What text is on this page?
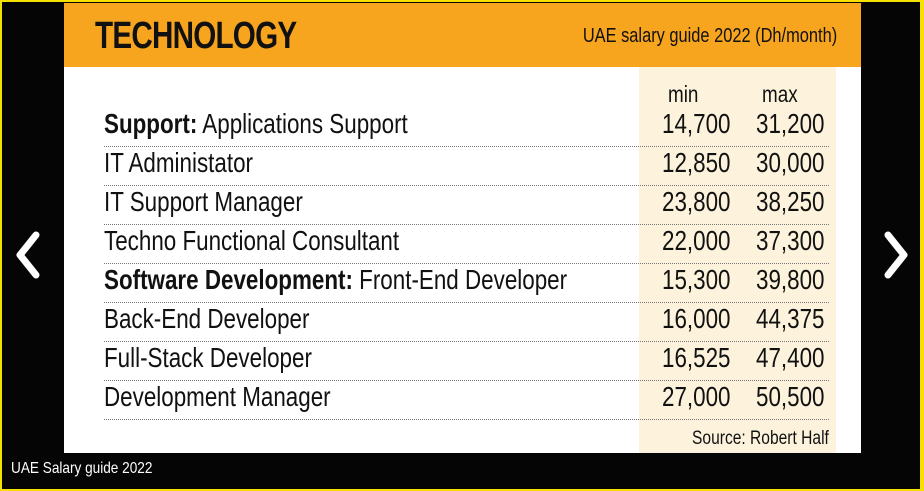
TECHNOLOGY	UAE salary guide 2022 (Dh/month)
min	max
Support: Applications Support	14,700 31,200
IT Administator	12,850 30,000
IT Support Manager	23,800 38,250
Techno Functional Consultant	22,000 37,300
Software Development: Front-End Developer	15,300 39,800
Back-End Developer	16,000 44,375
Full-Stack Developer	16,525 47,400
Development Manager	27,000 50,500
Source: Robert Half
UAE Salary guide 2022
